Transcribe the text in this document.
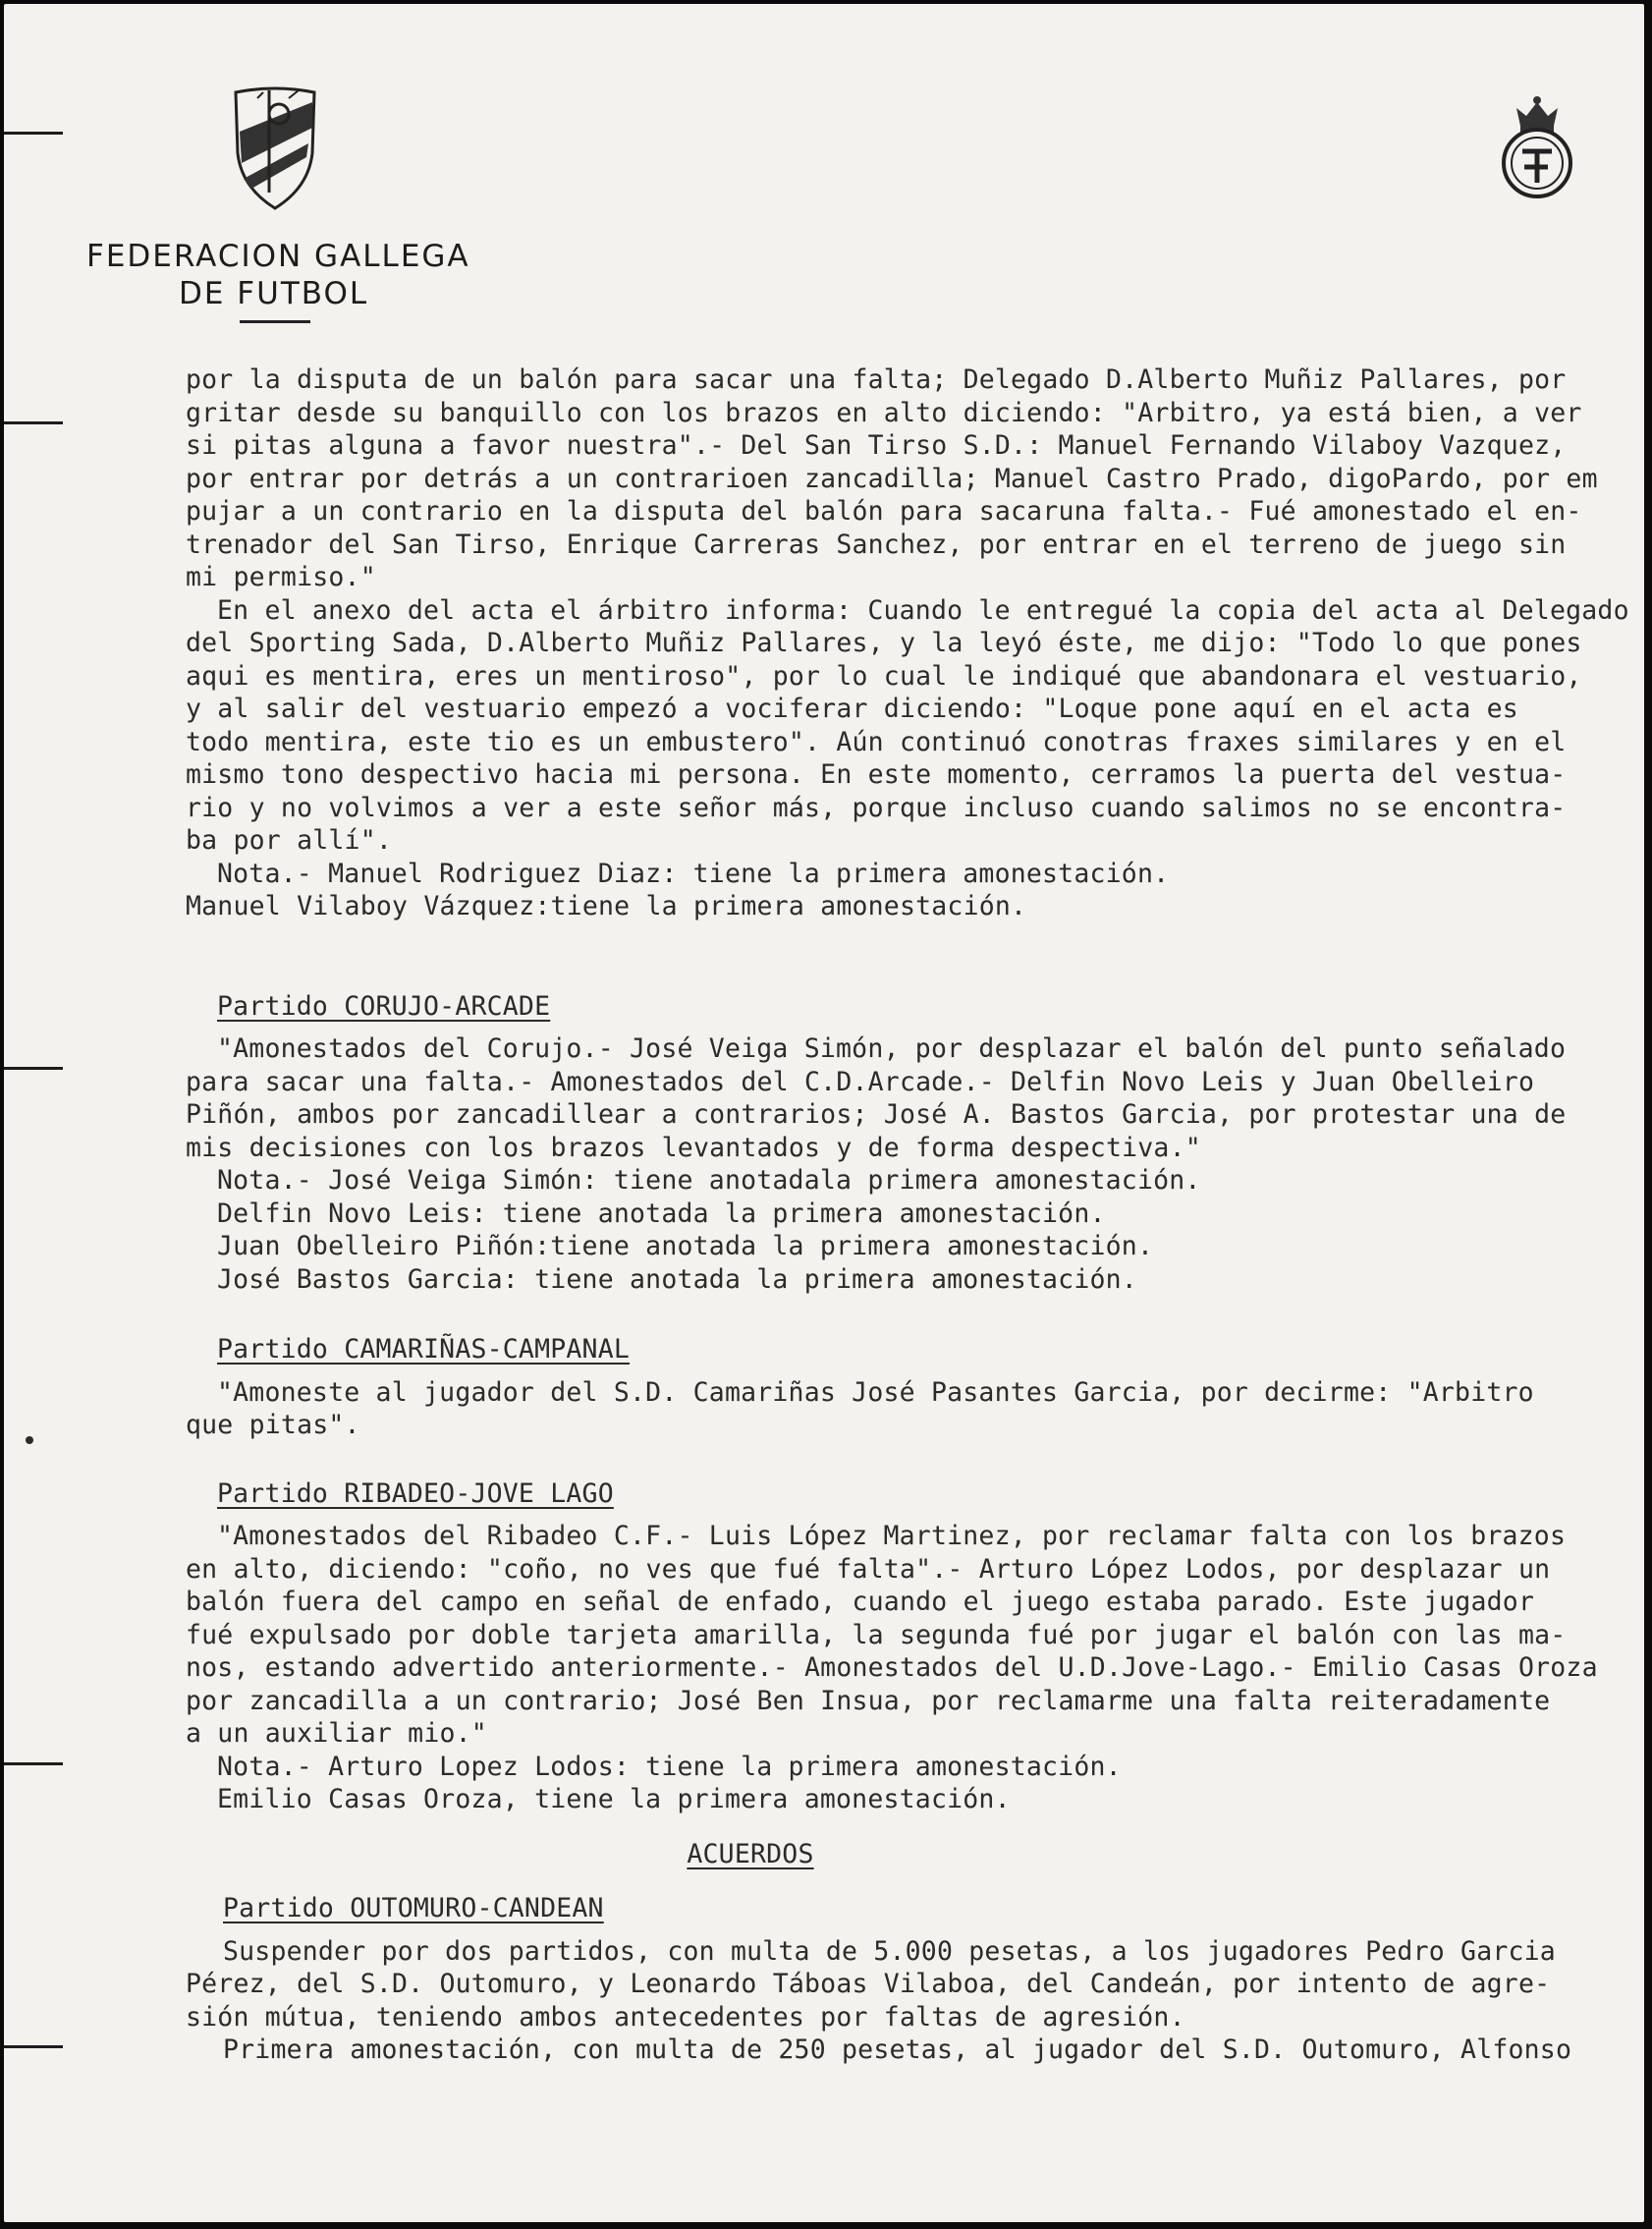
FEDERACION GALLEGA
DE FUTBOL

por la disputa de un balón para sacar una falta; Delegado D.Alberto Muñiz Pallares, por

gritar desde su banquillo con los brazos en alto diciendo: "Arbitro, ya está bien, a ver

si pitas alguna a favor nuestra".- Del San Tirso S.D.: Manuel Fernando Vilaboy Vazquez,

por entrar por detrás a un contrarioen zancadilla; Manuel Castro Prado, digoPardo, por em

pujar a un contrario en la disputa del balón para sacaruna falta.- Fué amonestado el en-

trenador del San Tirso, Enrique Carreras Sanchez, por entrar en el terreno de juego sin

mi permiso."

En el anexo del acta el árbitro informa: Cuando le entregué la copia del acta al Delegado

del Sporting Sada, D.Alberto Muñiz Pallares, y la leyó éste, me dijo: "Todo lo que pones

aqui es mentira, eres un mentiroso", por lo cual le indiqué que abandonara el vestuario,

y al salir del vestuario empezó a vociferar diciendo: "Loque pone aquí en el acta es

todo mentira, este tio es un embustero". Aún continuó conotras fraxes similares y en el

mismo tono despectivo hacia mi persona. En este momento, cerramos la puerta del vestua-

rio y no volvimos a ver a este señor más, porque incluso cuando salimos no se encontra-

ba por allí".

Nota.- Manuel Rodriguez Diaz: tiene la primera amonestación.

Manuel Vilaboy Vázquez:tiene la primera amonestación.

Partido CORUJO-ARCADE

"Amonestados del Corujo.- José Veiga Simón, por desplazar el balón del punto señalado

para sacar una falta.- Amonestados del C.D.Arcade.- Delfin Novo Leis y Juan Obelleiro

Piñón, ambos por zancadillear a contrarios; José A. Bastos Garcia, por protestar una de

mis decisiones con los brazos levantados y de forma despectiva."

Nota.- José Veiga Simón: tiene anotadala primera amonestación.

Delfin Novo Leis: tiene anotada la primera amonestación.

Juan Obelleiro Piñón:tiene anotada la primera amonestación.

José Bastos Garcia: tiene anotada la primera amonestación.

Partido CAMARIÑAS-CAMPANAL

"Amoneste al jugador del S.D. Camariñas José Pasantes Garcia, por decirme: "Arbitro

que pitas".

Partido RIBADEO-JOVE LAGO

"Amonestados del Ribadeo C.F.- Luis López Martinez, por reclamar falta con los brazos

en alto, diciendo: "coño, no ves que fué falta".- Arturo López Lodos, por desplazar un

balón fuera del campo en señal de enfado, cuando el juego estaba parado. Este jugador

fué expulsado por doble tarjeta amarilla, la segunda fué por jugar el balón con las ma-

nos, estando advertido anteriormente.- Amonestados del U.D.Jove-Lago.- Emilio Casas Oroza

por zancadilla a un contrario; José Ben Insua, por reclamarme una falta reiteradamente

a un auxiliar mio."

Nota.- Arturo Lopez Lodos: tiene la primera amonestación.

Emilio Casas Oroza, tiene la primera amonestación.

ACUERDOS

Partido OUTOMURO-CANDEAN

Suspender por dos partidos, con multa de 5.000 pesetas, a los jugadores Pedro Garcia

Pérez, del S.D. Outomuro, y Leonardo Táboas Vilaboa, del Candeán, por intento de agre-

sión mútua, teniendo ambos antecedentes por faltas de agresión.

Primera amonestación, con multa de 250 pesetas, al jugador del S.D. Outomuro, Alfonso
